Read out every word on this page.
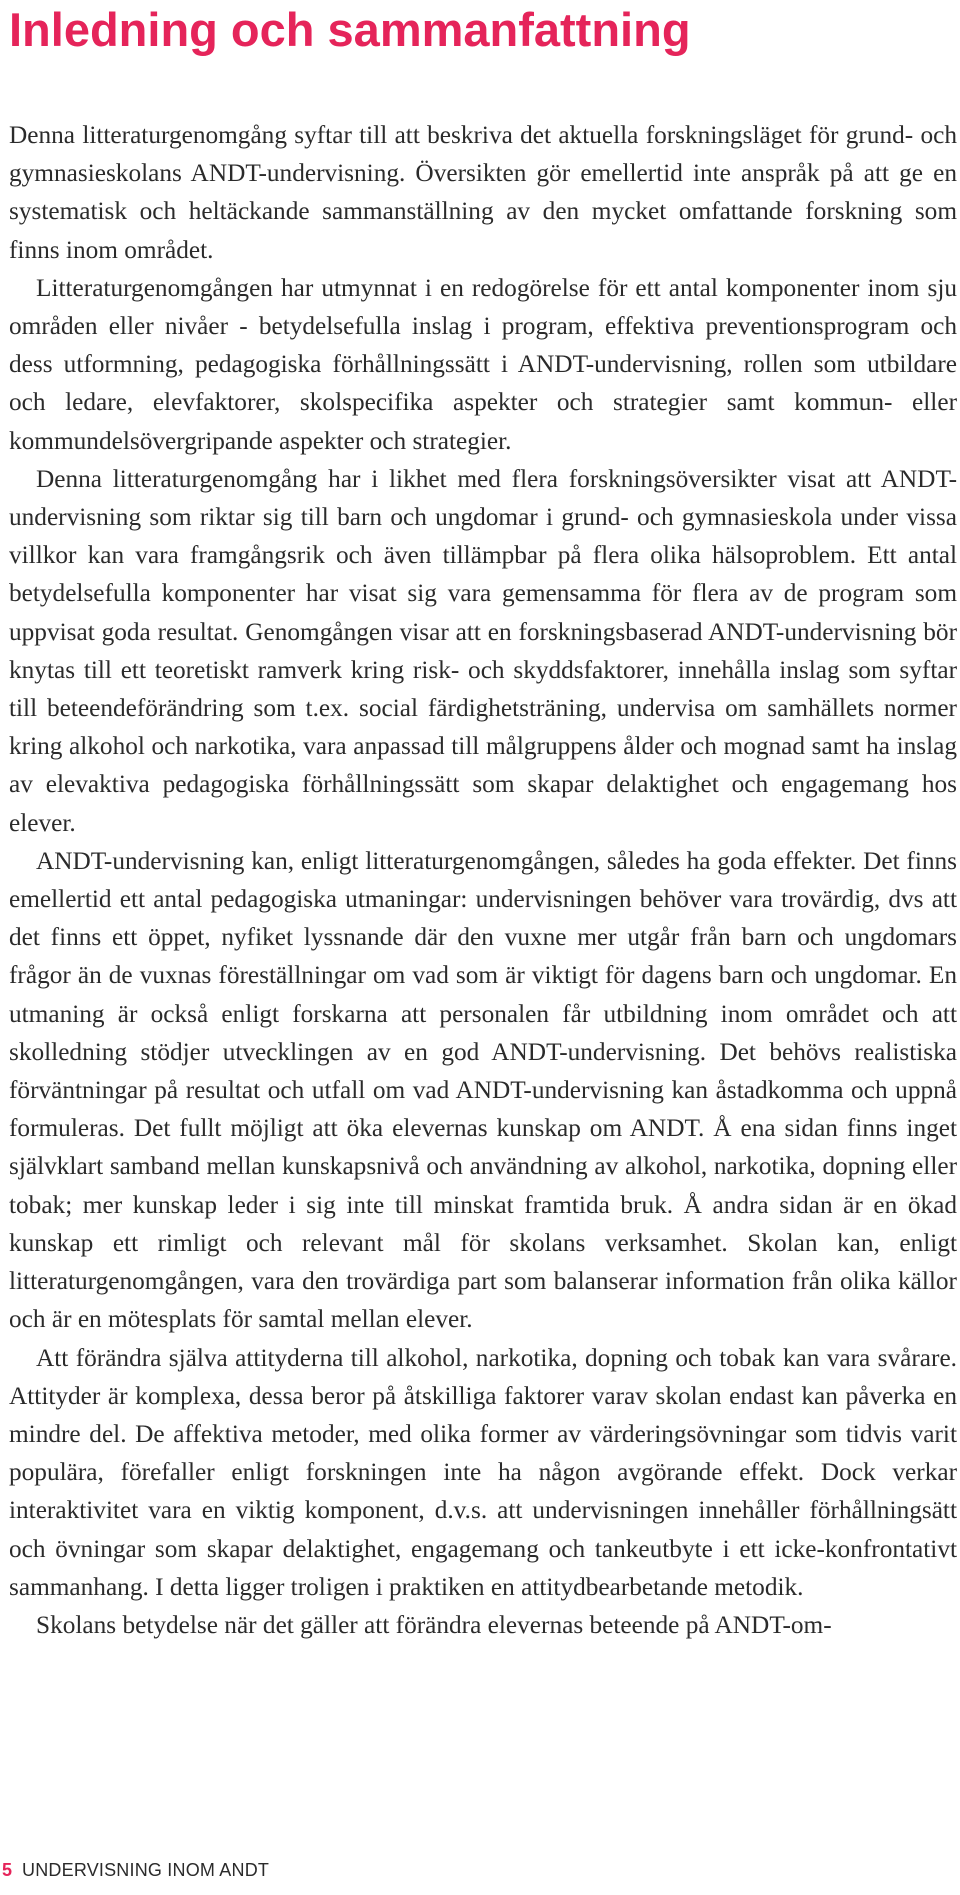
Inledning och sammanfattning

Denna litteraturgenomgång syftar till att beskriva det aktuella forskningsläget för grund- och gymnasieskolans ANDT-undervisning. Översikten gör emellertid inte anspråk på att ge en systematisk och heltäckande sammanställning av den mycket omfattande forskning som finns inom området.

Litteraturgenomgången har utmynnat i en redogörelse för ett antal komponenter inom sju områden eller nivåer - betydelsefulla inslag i program, effektiva preventionsprogram och dess utformning, pedagogiska förhållningssätt i ANDT-undervisning, rollen som utbildare och ledare, elevfaktorer, skolspecifika aspekter och strategier samt kommun- eller kommundelsövergripande aspekter och strategier.

Denna litteraturgenomgång har i likhet med flera forskningsöversikter visat att ANDT-undervisning som riktar sig till barn och ungdomar i grund- och gymnasieskola under vissa villkor kan vara framgångsrik och även tillämpbar på flera olika hälsoproblem. Ett antal betydelsefulla komponenter har visat sig vara gemensamma för flera av de program som uppvisat goda resultat. Genomgången visar att en forskningsbaserad ANDT-undervisning bör knytas till ett teoretiskt ramverk kring risk- och skyddsfaktorer, innehålla inslag som syftar till beteendeförändring som t.ex. social färdighetsträning, undervisa om samhällets normer kring alkohol och narkotika, vara anpassad till målgruppens ålder och mognad samt ha inslag av elevaktiva pedagogiska förhållningssätt som skapar delaktighet och engagemang hos elever.

ANDT-undervisning kan, enligt litteraturgenomgången, således ha goda effekter. Det finns emellertid ett antal pedagogiska utmaningar: undervisningen behöver vara trovärdig, dvs att det finns ett öppet, nyfiket lyssnande där den vuxne mer utgår från barn och ungdomars frågor än de vuxnas föreställningar om vad som är viktigt för dagens barn och ungdomar. En utmaning är också enligt forskarna att personalen får utbildning inom området och att skolledning stödjer utvecklingen av en god ANDT-undervisning. Det behövs realistiska förväntningar på resultat och utfall om vad ANDT-undervisning kan åstadkomma och uppnå formuleras. Det fullt möjligt att öka elevernas kunskap om ANDT. Å ena sidan finns inget självklart samband mellan kunskapsnivå och användning av alkohol, narkotika, dopning eller tobak; mer kunskap leder i sig inte till minskat framtida bruk. Å andra sidan är en ökad kunskap ett rimligt och relevant mål för skolans verksamhet. Skolan kan, enligt litteraturgenomgången, vara den trovärdiga part som balanserar information från olika källor och är en mötesplats för samtal mellan elever.

Att förändra själva attityderna till alkohol, narkotika, dopning och tobak kan vara svårare. Attityder är komplexa, dessa beror på åtskilliga faktorer varav skolan endast kan påverka en mindre del. De affektiva metoder, med olika former av värderingsövningar som tidvis varit populära, förefaller enligt forskningen inte ha någon avgörande effekt. Dock verkar interaktivitet vara en viktig komponent, d.v.s. att undervisningen innehåller förhållningsätt och övningar som skapar delaktighet, engagemang och tankeutbyte i ett icke-konfrontativt sammanhang. I detta ligger troligen i praktiken en attitydbearbetande metodik.

Skolans betydelse när det gäller att förändra elevernas beteende på ANDT-om-

5 UNDERVISNING INOM ANDT
